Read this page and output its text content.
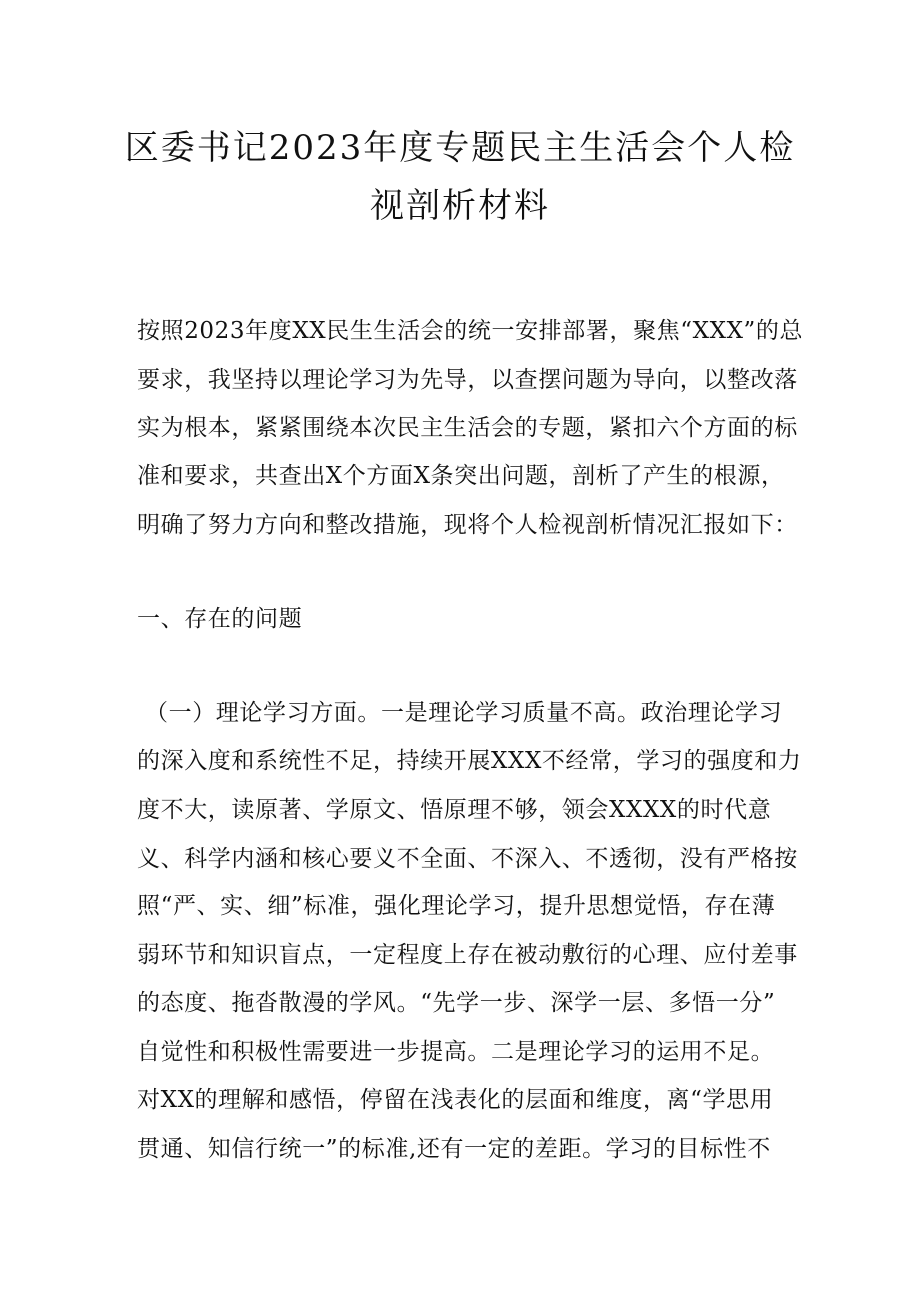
区委书记2023年度专题民主生活会个人检
视剖析材料
按照2023年度XX民生生活会的统一安排部署，聚焦“XXX”的总
要求，我坚持以理论学习为先导，以查摆问题为导向，以整改落
实为根本，紧紧围绕本次民主生活会的专题，紧扣六个方面的标
准和要求，共查出X个方面X条突出问题，剖析了产生的根源，
明确了努力方向和整改措施，现将个人检视剖析情况汇报如下：
一、存在的问题
（一）理论学习方面。一是理论学习质量不高。政治理论学习
的深入度和系统性不足，持续开展XXX不经常，学习的强度和力
度不大，读原著、学原文、悟原理不够，领会XXXX的时代意
义、科学内涵和核心要义不全面、不深入、不透彻，没有严格按
照“严、实、细”标准，强化理论学习，提升思想觉悟，存在薄
弱环节和知识盲点，一定程度上存在被动敷衍的心理、应付差事
的态度、拖沓散漫的学风。“先学一步、深学一层、多悟一分”
自觉性和积极性需要进一步提高。二是理论学习的运用不足。
对XX的理解和感悟，停留在浅表化的层面和维度，离“学思用
贯通、知信行统一”的标准,还有一定的差距。学习的目标性不
